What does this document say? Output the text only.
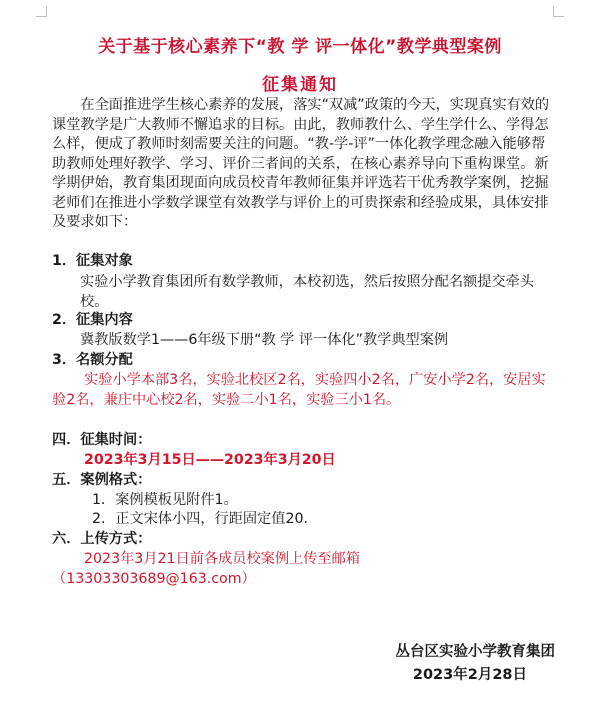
关于基于核心素养下“教 学 评一体化”教学典型案例
征集通知
在全面推进学生核心素养的发展，落实“双减”政策的今天，实现真实有效的课堂教学是广大教师不懈追求的目标。由此，教师教什么、学生学什么、学得怎么样，便成了教师时刻需要关注的问题。“教-学-评”一体化教学理念融入能够帮助教师处理好教学、学习、评价三者间的关系，在核心素养导向下重构课堂。新学期伊始，教育集团现面向成员校青年教师征集并评选若干优秀教学案例，挖掘老师们在推进小学数学课堂有效教学与评价上的可贵探索和经验成果，具体安排及要求如下：
1．征集对象
实验小学教育集团所有数学教师，本校初选，然后按照分配名额提交牵头校。
2．征集内容
冀教版数学1——6年级下册“教 学 评一体化”教学典型案例
3．名额分配
实验小学本部3名，实验北校区2名，实验四小2名，广安小学2名，安居实验2名，兼庄中心校2名，实验二小1名，实验三小1名。
四．征集时间：
2023年3月15日——2023年3月20日
五．案例格式：
1．案例模板见附件1。
2．正文宋体小四，行距固定值20.
六．上传方式：
2023年3月21日前各成员校案例上传至邮箱（13303303689@163.com）
丛台区实验小学教育集团
2023年2月28日
